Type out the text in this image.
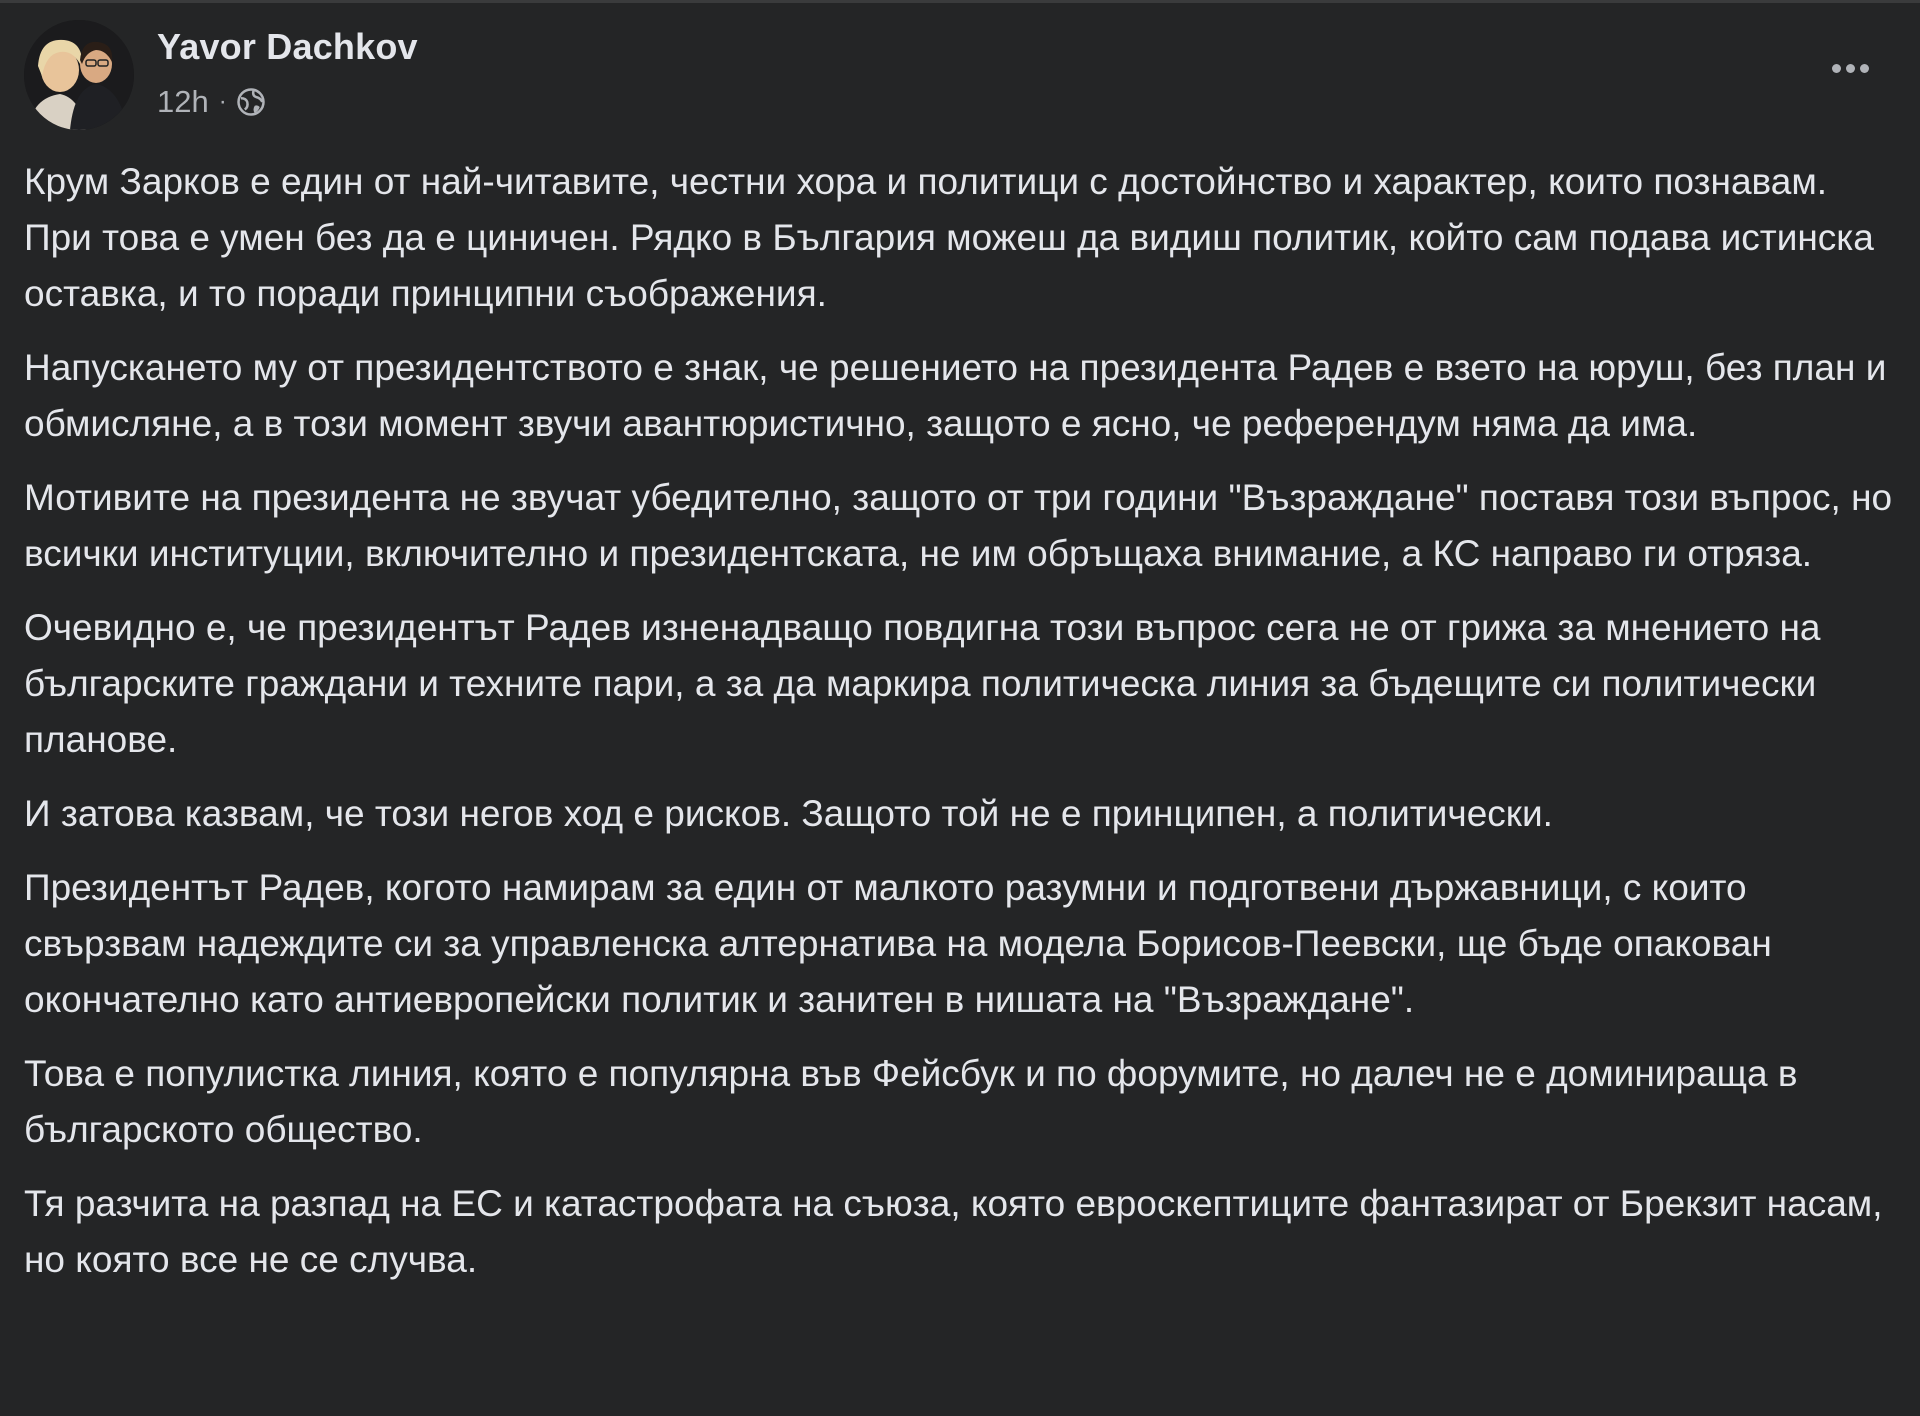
Yavor Dachkov
12h ·

Крум Зарков е един от най-читавите, честни хора и политици с достойнство и характер, които познавам. При това е умен без да е циничен. Рядко в България можеш да видиш политик, който сам подава истинска оставка, и то поради принципни съображения.

Напускането му от президентството е знак, че решението на президента Радев е взето на юруш, без план и обмисляне, а в този момент звучи авантюристично, защото е ясно, че референдум няма да има.

Мотивите на президента не звучат убедително, защото от три години "Възраждане" поставя този въпрос, но всички институции, включително и президентската, не им обръщаха внимание, а КС направо ги отряза.

Очевидно е, че президентът Радев изненадващо повдигна този въпрос сега не от грижа за мнението на българските граждани и техните пари, а за да маркира политическа линия за бъдещите си политически планове.

И затова казвам, че този негов ход е рисков. Защото той не е принципен, а политически.

Президентът Радев, когото намирам за един от малкото разумни и подготвени държавници, с които свързвам надеждите си за управленска алтернатива на модела Борисов-Пеевски, ще бъде опакован окончателно като антиевропейски политик и занитен в нишата на "Възраждане".

Това е популистка линия, която е популярна във Фейсбук и по форумите, но далеч не е доминираща в българското общество.

Тя разчита на разпад на ЕС и катастрофата на съюза, която евроскептиците фантазират от Брекзит насам, но която все не се случва.
